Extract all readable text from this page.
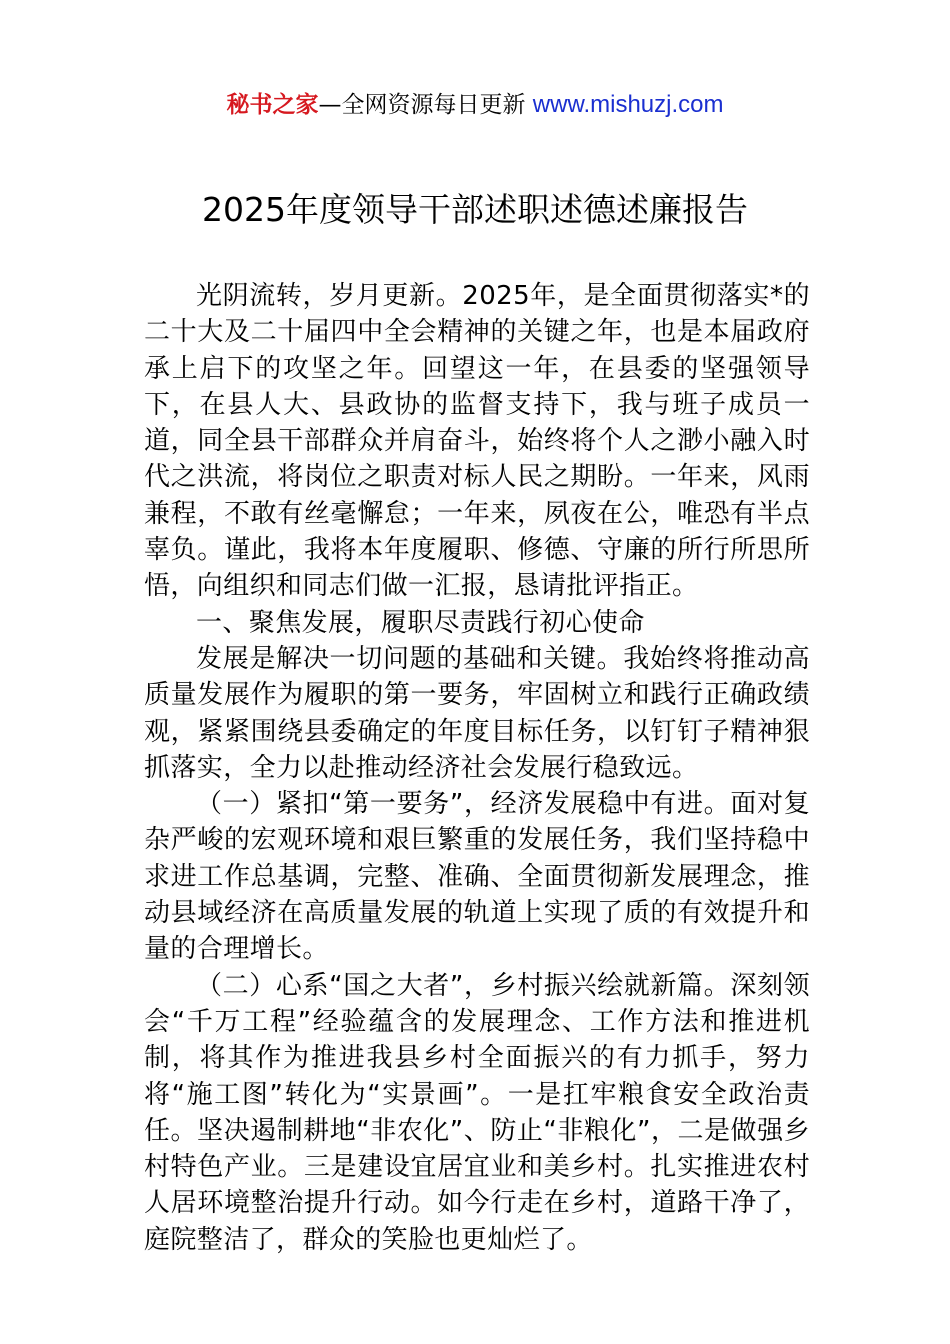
秘书之家—全网资源每日更新 www.mishuzj.com
2025年度领导干部述职述德述廉报告

光阴流转，岁月更新。2025年，是全面贯彻落实*的二十大及二十届四中全会精神的关键之年，也是本届政府承上启下的攻坚之年。回望这一年，在县委的坚强领导下，在县人大、县政协的监督支持下，我与班子成员一道，同全县干部群众并肩奋斗，始终将个人之渺小融入时代之洪流，将岗位之职责对标人民之期盼。一年来，风雨兼程，不敢有丝毫懈怠；一年来，夙夜在公，唯恐有半点辜负。谨此，我将本年度履职、修德、守廉的所行所思所悟，向组织和同志们做一汇报，恳请批评指正。

一、聚焦发展，履职尽责践行初心使命

发展是解决一切问题的基础和关键。我始终将推动高质量发展作为履职的第一要务，牢固树立和践行正确政绩观，紧紧围绕县委确定的年度目标任务，以钉钉子精神狠抓落实，全力以赴推动经济社会发展行稳致远。

（一）紧扣“第一要务”，经济发展稳中有进。面对复杂严峻的宏观环境和艰巨繁重的发展任务，我们坚持稳中求进工作总基调，完整、准确、全面贯彻新发展理念，推动县域经济在高质量发展的轨道上实现了质的有效提升和量的合理增长。

（二）心系“国之大者”，乡村振兴绘就新篇。深刻领会“千万工程”经验蕴含的发展理念、工作方法和推进机制，将其作为推进我县乡村全面振兴的有力抓手，努力将“施工图”转化为“实景画”。一是扛牢粮食安全政治责任。坚决遏制耕地“非农化”、防止“非粮化”，二是做强乡村特色产业。三是建设宜居宜业和美乡村。扎实推进农村人居环境整治提升行动。如今行走在乡村，道路干净了，庭院整洁了，群众的笑脸也更灿烂了。
